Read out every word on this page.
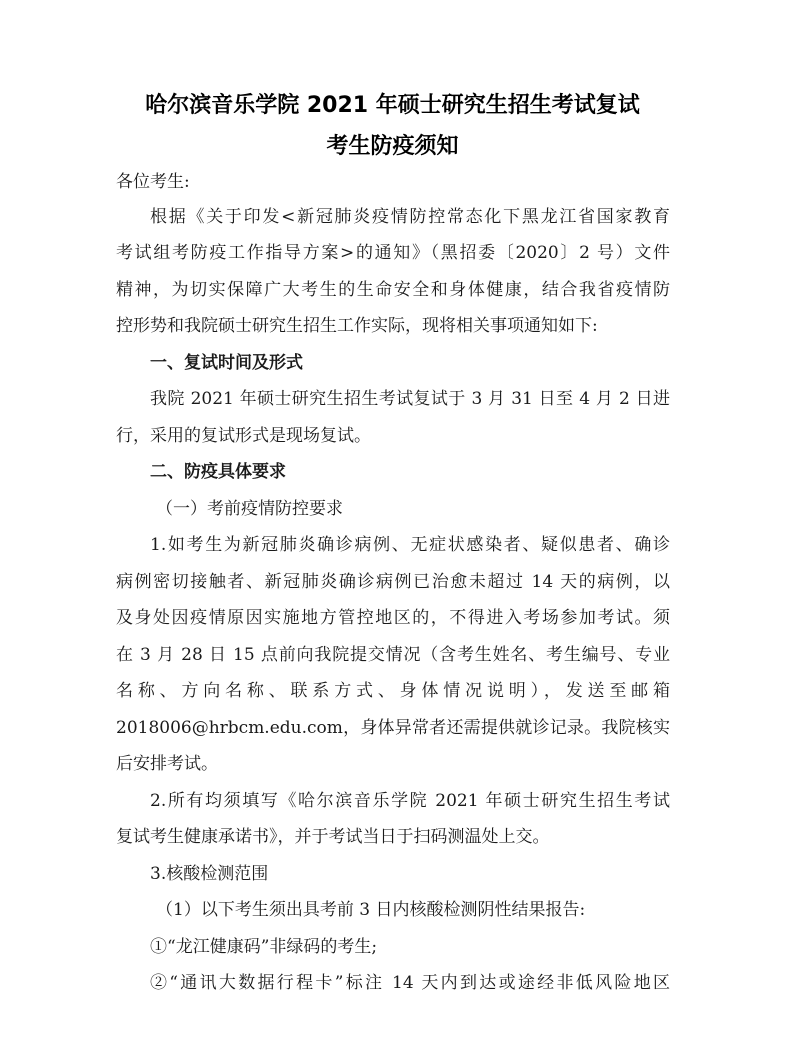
哈尔滨音乐学院 2021 年硕士研究生招生考试复试
考生防疫须知
各位考生:
根据《关于印发<新冠肺炎疫情防控常态化下黑龙江省国家教育
考试组考防疫工作指导方案>的通知》（黑招委〔2020〕2 号）文件
精神，为切实保障广大考生的生命安全和身体健康，结合我省疫情防
控形势和我院硕士研究生招生工作实际，现将相关事项通知如下:
一、复试时间及形式
我院 2021 年硕士研究生招生考试复试于 3 月 31 日至 4 月 2 日进
行，采用的复试形式是现场复试。
二、防疫具体要求
（一）考前疫情防控要求
1.如考生为新冠肺炎确诊病例、无症状感染者、疑似患者、确诊
病例密切接触者、新冠肺炎确诊病例已治愈未超过 14 天的病例，以
及身处因疫情原因实施地方管控地区的，不得进入考场参加考试。须
在 3 月 28 日 15 点前向我院提交情况（含考生姓名、考生编号、专业
名称、方向名称、联系方式、身体情况说明），发送至邮箱
2018006@hrbcm.edu.com，身体异常者还需提供就诊记录。我院核实
后安排考试。
2.所有均须填写《哈尔滨音乐学院 2021 年硕士研究生招生考试
复试考生健康承诺书》，并于考试当日于扫码测温处上交。
3.核酸检测范围
（1）以下考生须出具考前 3 日内核酸检测阴性结果报告:
①“龙江健康码”非绿码的考生;
②“通讯大数据行程卡”标注 14 天内到达或途经非低风险地区
